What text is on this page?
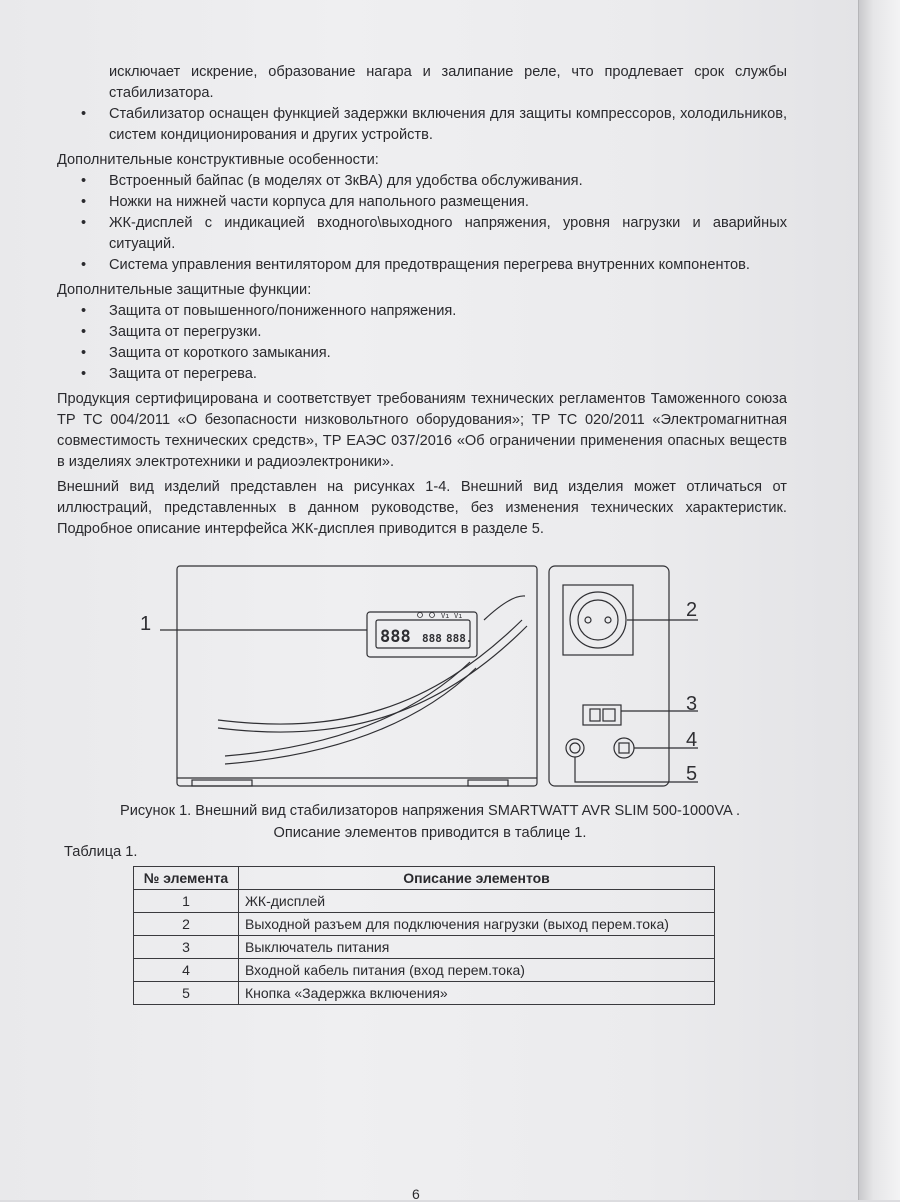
исключает искрение, образование нагара и залипание реле, что продлевает срок службы стабилизатора.
• Стабилизатор оснащен функцией задержки включения для защиты компрессоров, холодильников, систем кондиционирования и других устройств.

Дополнительные конструктивные особенности:

• Встроенный байпас (в моделях от 3кВА) для удобства обслуживания.
• Ножки на нижней части корпуса для напольного размещения.
• ЖК-дисплей с индикацией входного\выходного напряжения, уровня нагрузки и аварийных ситуаций.
• Система управления вентилятором для предотвращения перегрева внутренних компонентов.

Дополнительные защитные функции:

• Защита от повышенного/пониженного напряжения.
• Защита от перегрузки.
• Защита от короткого замыкания.
• Защита от перегрева.

Продукция сертифицирована и соответствует требованиям технических регламентов Таможенного союза ТР ТС 004/2011 «О безопасности низковольтного оборудования»; ТР ТС 020/2011 «Электромагнитная совместимость технических средств», ТР ЕАЭС 037/2016 «Об ограничении применения опасных веществ в изделиях электротехники и радиоэлектроники».

Внешний вид изделий представлен на рисунках 1-4. Внешний вид изделия может отличаться от иллюстраций, представленных в данном руководстве, без изменения технических характеристик. Подробное описание интерфейса ЖК-дисплея приводится в разделе 5.

888 888 888.
Vı Vı
1
2
3
4
5
Рисунок 1. Внешний вид стабилизаторов напряжения SMARTWATT AVR SLIM 500-1000VA .
Описание элементов приводится в таблице 1.
Таблица 1.
№ элемента	Описание элементов
1	ЖК-дисплей
2	Выходной разъем для подключения нагрузки (выход перем.тока)
3	Выключатель питания
4	Входной кабель питания (вход перем.тока)
5	Кнопка «Задержка включения»
6
